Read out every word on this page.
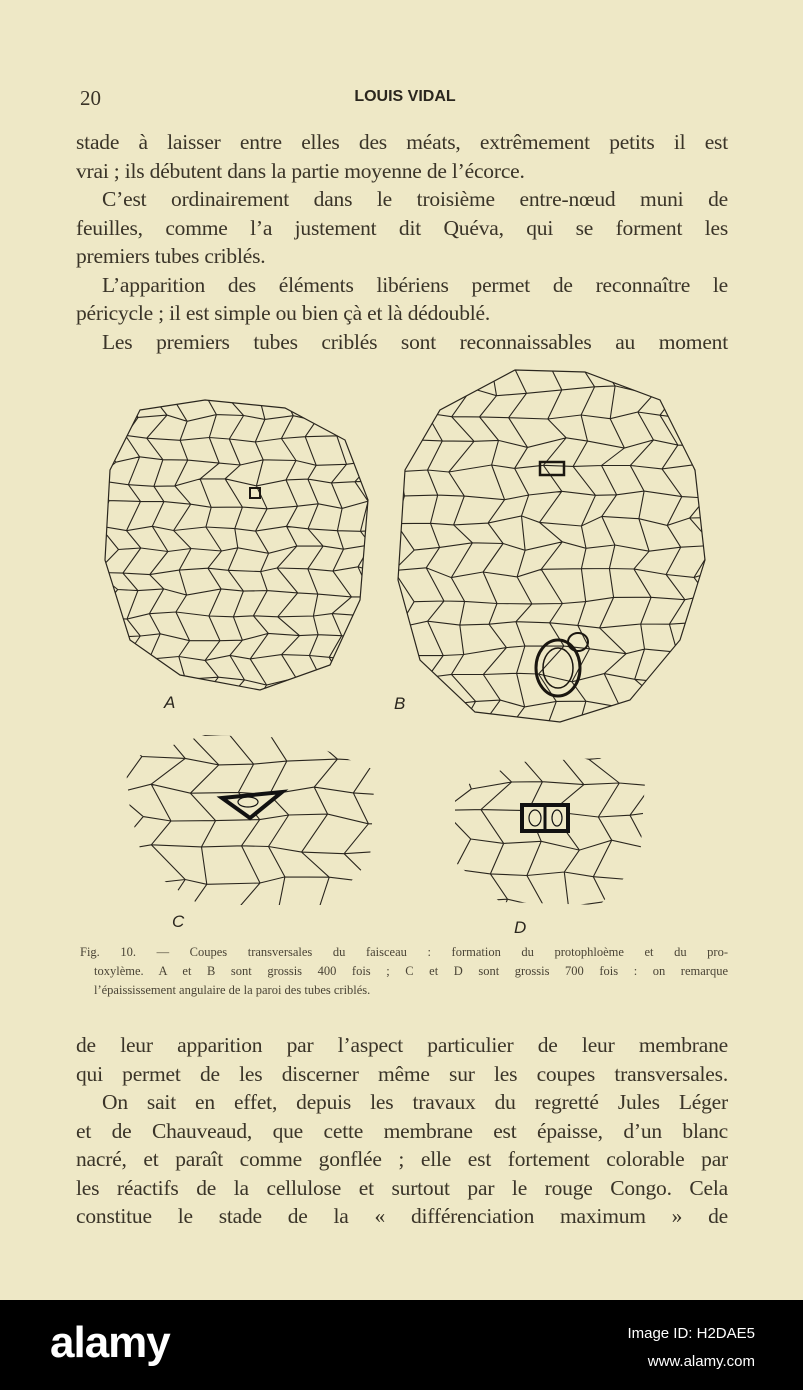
20	LOUIS VIDAL
stade à laisser entre elles des méats, extrêmement petits il est
vrai ; ils débutent dans la partie moyenne de l’écorce.
C’est ordinairement dans le troisième entre-nœud muni de
feuilles, comme l’a justement dit Quéva, qui se forment les
premiers tubes criblés.
L’apparition des éléments libériens permet de reconnaître le
péricycle ; il est simple ou bien çà et là dédoublé.
Les premiers tubes criblés sont reconnaissables au moment
A	B
C	D
Fig. 10. — Coupes transversales du faisceau : formation du protophloème et du pro-
toxylème. A et B sont grossis 400 fois ; C et D sont grossis 700 fois : on remarque
l’épaississement angulaire de la paroi des tubes criblés.
de leur apparition par l’aspect particulier de leur membrane
qui permet de les discerner même sur les coupes transversales.
On sait en effet, depuis les travaux du regretté Jules Léger
et de Chauveaud, que cette membrane est épaisse, d’un blanc
nacré, et paraît comme gonflée ; elle est fortement colorable par
les réactifs de la cellulose et surtout par le rouge Congo. Cela
constitue le stade de la « différenciation maximum » de
alamy	Image ID: H2DAE5
www.alamy.com
